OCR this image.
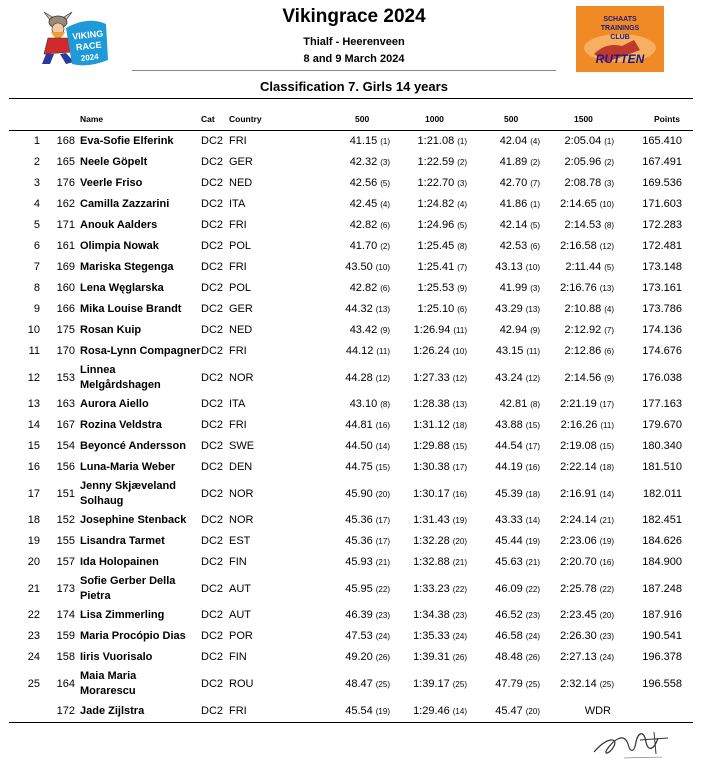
VIKING
RACE
2024
Vikingrace 2024
Thialf - Heerenveen
8 and 9 March 2024
SCHAATS
TRAININGS
CLUB
RUTTEN
Classification 7. Girls 14 years
Name	Cat Country	500	1000	500	1500	Points
1	168 Eva-Sofie Elferink DC2 FRI	41.15 (1)	1:21.08 (1)	42.04 (4)	2:05.04 (1)	165.410
2	165 Neele Göpelt	DC2 GER	42.32 (3)	1:22.59 (2)	41.89 (2)	2:05.96 (2)	167.491
3	176 Veerle Friso	DC2 NED	42.56 (5)	1:22.70 (3)	42.70 (7)	2:08.78 (3)	169.536
4	162 Camilla Zazzarini	DC2 ITA	42.45 (4)	1:24.82 (4)	41.86 (1)	2:14.65 (10)	171.603
5	171 Anouk Aalders	DC2 FRI	42.82 (6)	1:24.96 (5)	42.14 (5)	2:14.53 (8)	172.283
6	161 Olimpia Nowak	DC2 POL	41.70 (2)	1:25.45 (8)	42.53 (6)	2:16.58 (12)	172.481
7	169 Mariska Stegenga DC2 FRI	43.50 (10)	1:25.41 (7)	43.13 (10)	2:11.44 (5)	173.148
8	160 Lena Węglarska	DC2 POL	42.82 (6)	1:25.53 (9)	41.99 (3)	2:16.76 (13)	173.161
9	166 Mika Louise Brandt DC2 GER	44.32 (13)	1:25.10 (6)	43.29 (13)	2:10.88 (4)	173.786
10	175 Rosan Kuip	DC2 NED	43.42 (9)	1:26.94 (11)	42.94 (9)	2:12.92 (7)	174.136
11	170 Rosa-Lynn Compagner DC2 FRI	44.12 (11)	1:26.24 (10)	43.15 (11)	2:12.86 (6)	174.676
12	153
Linnea Melgårdshagen
DC2 NOR	44.28 (12)	1:27.33 (12)	43.24 (12)	2:14.56 (9)	176.038
13	163 Aurora Aiello	DC2 ITA	43.10 (8)	1:28.38 (13)	42.81 (8)	2:21.19 (17)	177.163
14	167 Rozina Veldstra	DC2 FRI	44.81 (16)	1:31.12 (18)	43.88 (15)	2:16.26 (11)	179.670
15	154 Beyoncé Andersson DC2 SWE	44.50 (14)	1:29.88 (15)	44.54 (17)	2:19.08 (15)	180.340
16	156 Luna-Maria Weber DC2 DEN	44.75 (15)	1:30.38 (17)	44.19 (16)	2:22.14 (18)	181.510
17	151
Jenny Skjæveland Solhaug
DC2 NOR	45.90 (20)	1:30.17 (16)	45.39 (18)	2:16.91 (14)	182.011
18	152 Josephine Stenback DC2 NOR	45.36 (17)	1:31.43 (19)	43.33 (14)	2:24.14 (21)	182.451
19	155 Lisandra Tarmet	DC2 EST	45.36 (17)	1:32.28 (20)	45.44 (19)	2:23.06 (19)	184.626
20	157 Ida Holopainen	DC2 FIN	45.93 (21)	1:32.88 (21)	45.63 (21)	2:20.70 (16)	184.900
21	173
Sofie Gerber Della Pietra
DC2 AUT	45.95 (22)	1:33.23 (22)	46.09 (22)	2:25.78 (22)	187.248
22	174 Lisa Zimmerling	DC2 AUT	46.39 (23)	1:34.38 (23)	46.52 (23)	2:23.45 (20)	187.916
23	159 Maria Procópio Dias DC2 POR	47.53 (24)	1:35.33 (24)	46.58 (24)	2:26.30 (23)	190.541
24	158 Iiris Vuorisalo	DC2 FIN	49.20 (26)	1:39.31 (26)	48.48 (26)	2:27.13 (24)	196.378
25	164
Maia Maria Morarescu
DC2 ROU	48.47 (25)	1:39.17 (25)	47.79 (25)	2:32.14 (25)	196.558
172 Jade Zijlstra	DC2 FRI	45.54 (19)	1:29.46 (14)	45.47 (20)	WDR
